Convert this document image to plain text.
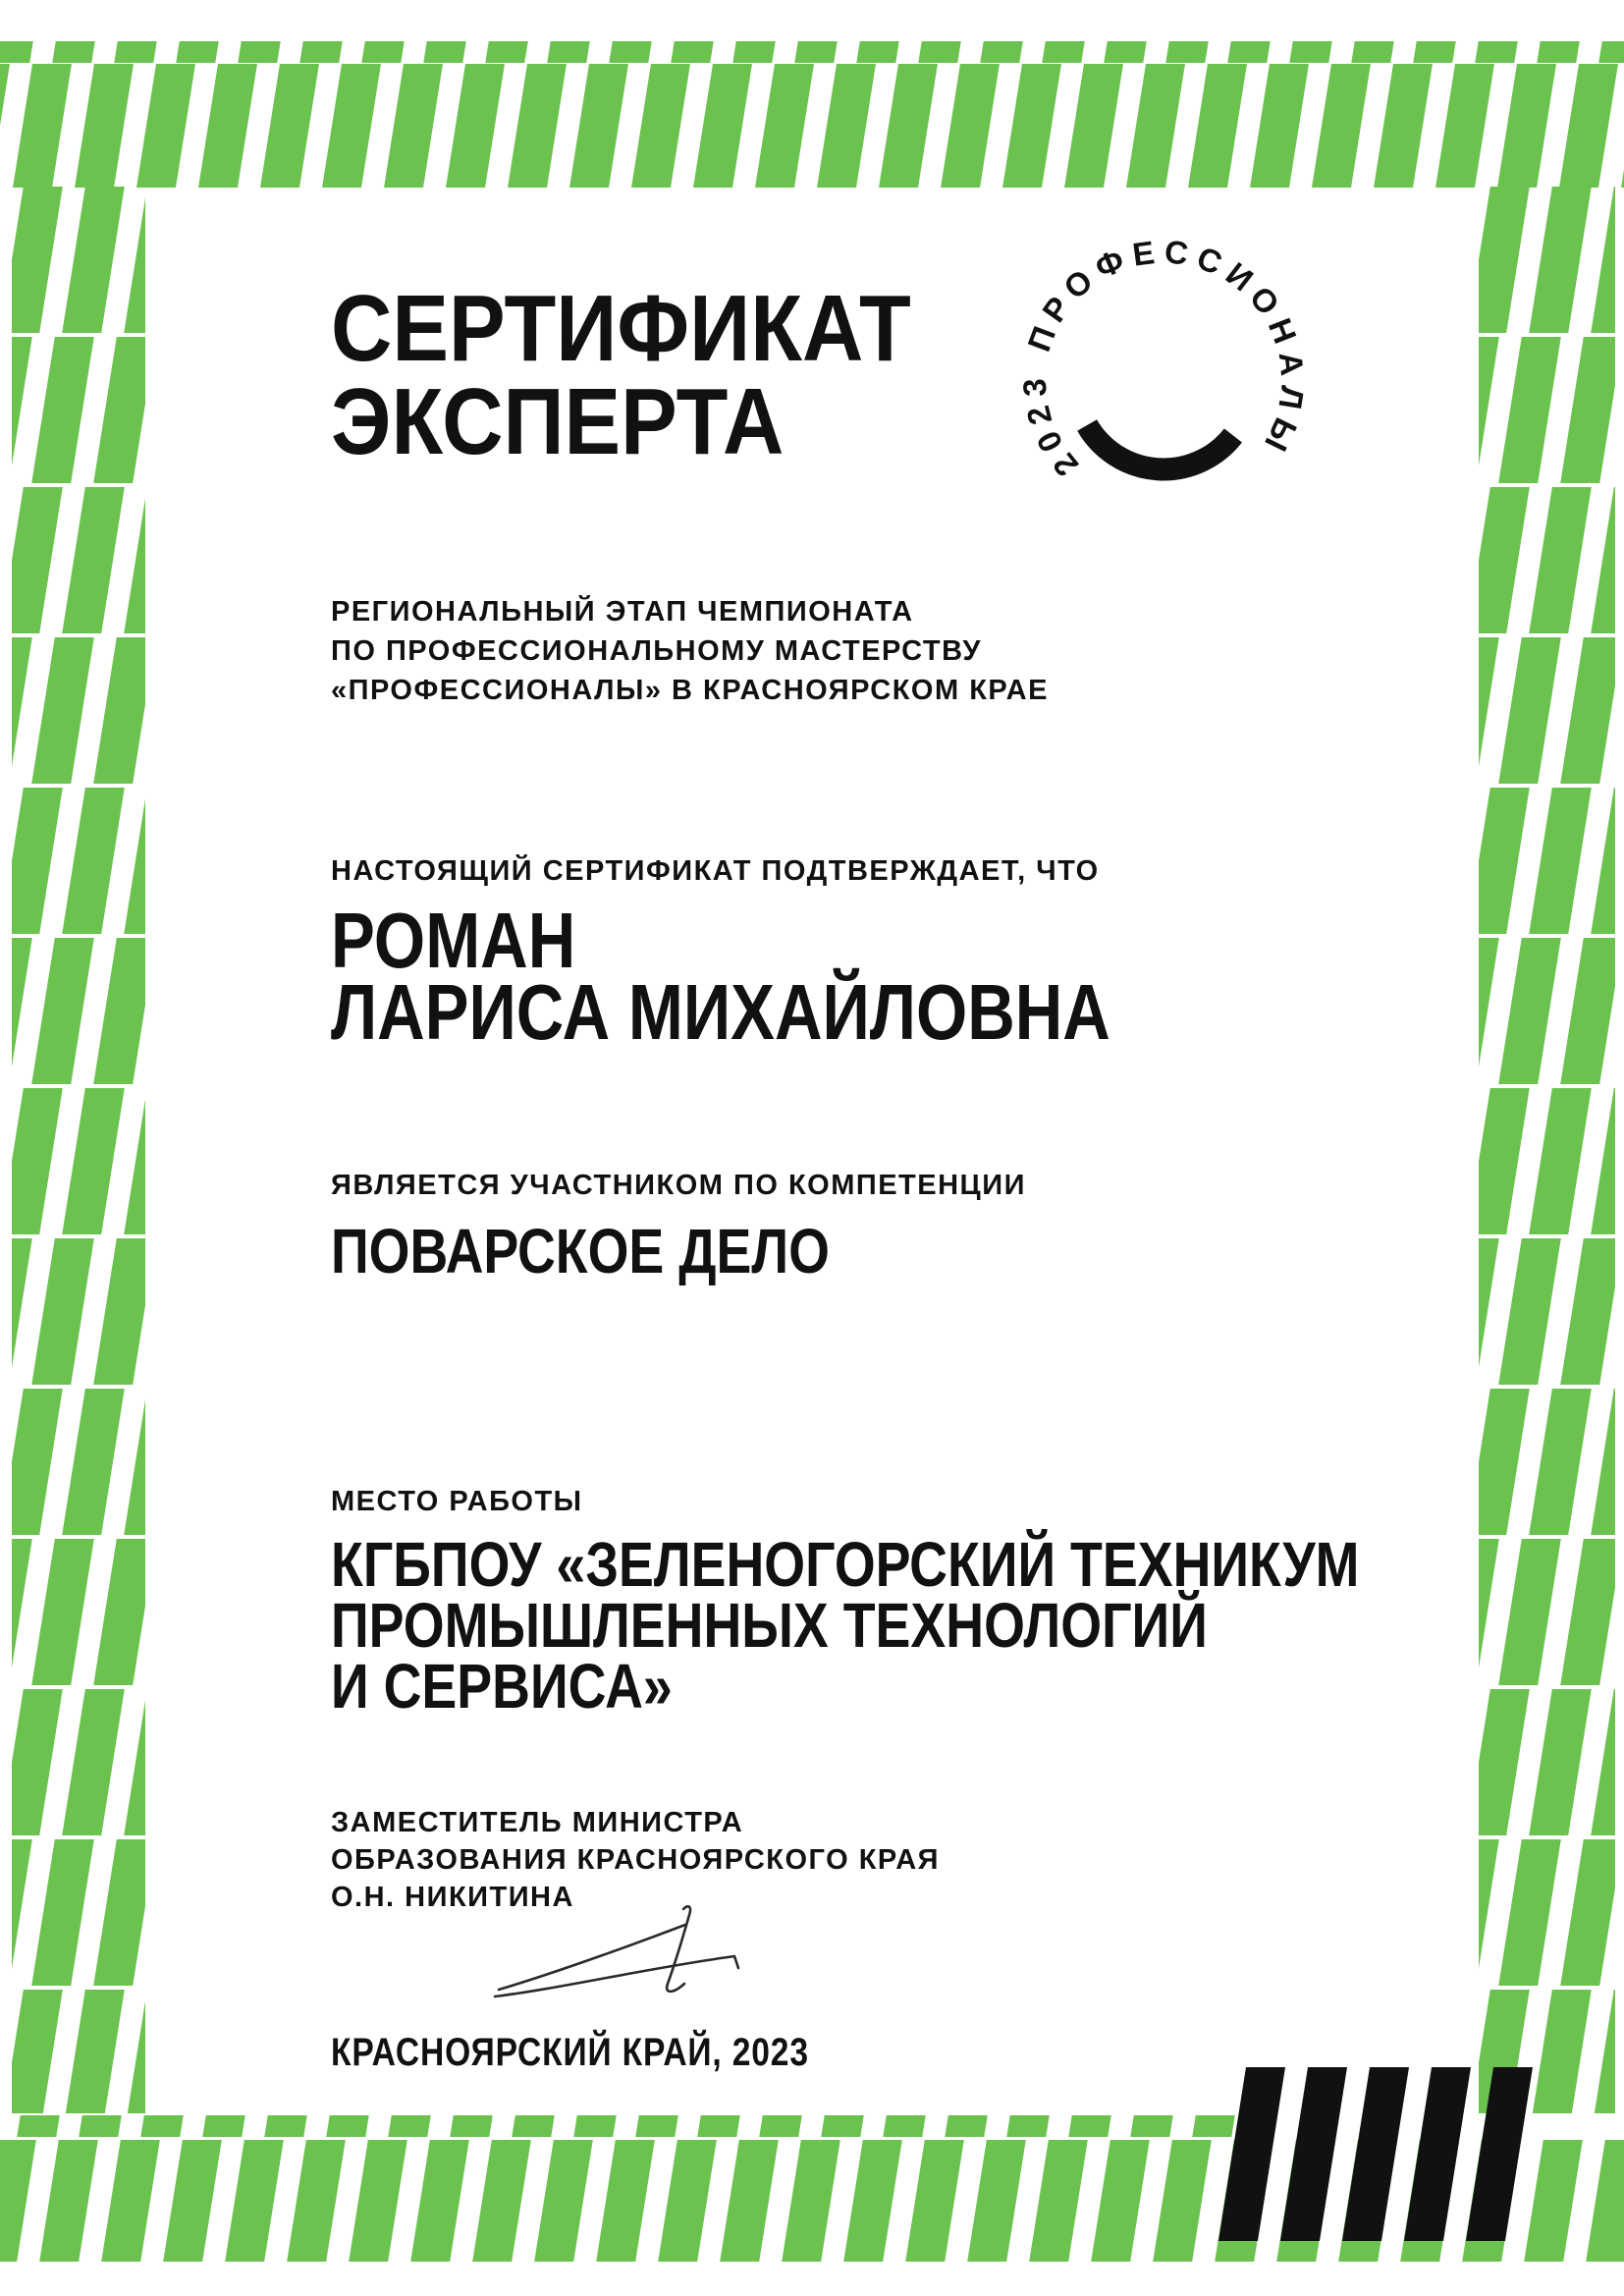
СЕРТИФИКАТ
ЭКСПЕРТА	2023 ПРОФЕССИОНАЛЫ
РЕГИОНАЛЬНЫЙ ЭТАП ЧЕМПИОНАТА
ПО ПРОФЕССИОНАЛЬНОМУ МАСТЕРСТВУ
«ПРОФЕССИОНАЛЫ» В КРАСНОЯРСКОМ КРАЕ
НАСТОЯЩИЙ СЕРТИФИКАТ ПОДТВЕРЖДАЕТ, ЧТО
РОМАН
ЛАРИСА МИХАЙЛОВНА
ЯВЛЯЕТСЯ УЧАСТНИКОМ ПО КОМПЕТЕНЦИИ
ПОВАРСКОЕ ДЕЛО
МЕСТО РАБОТЫ
КГБПОУ «ЗЕЛЕНОГОРСКИЙ ТЕХНИКУМ
ПРОМЫШЛЕННЫХ ТЕХНОЛОГИЙ
И СЕРВИСА»
ЗАМЕСТИТЕЛЬ МИНИСТРА
ОБРАЗОВАНИЯ КРАСНОЯРСКОГО КРАЯ
О.Н. НИКИТИНА
КРАСНОЯРСКИЙ КРАЙ, 2023
